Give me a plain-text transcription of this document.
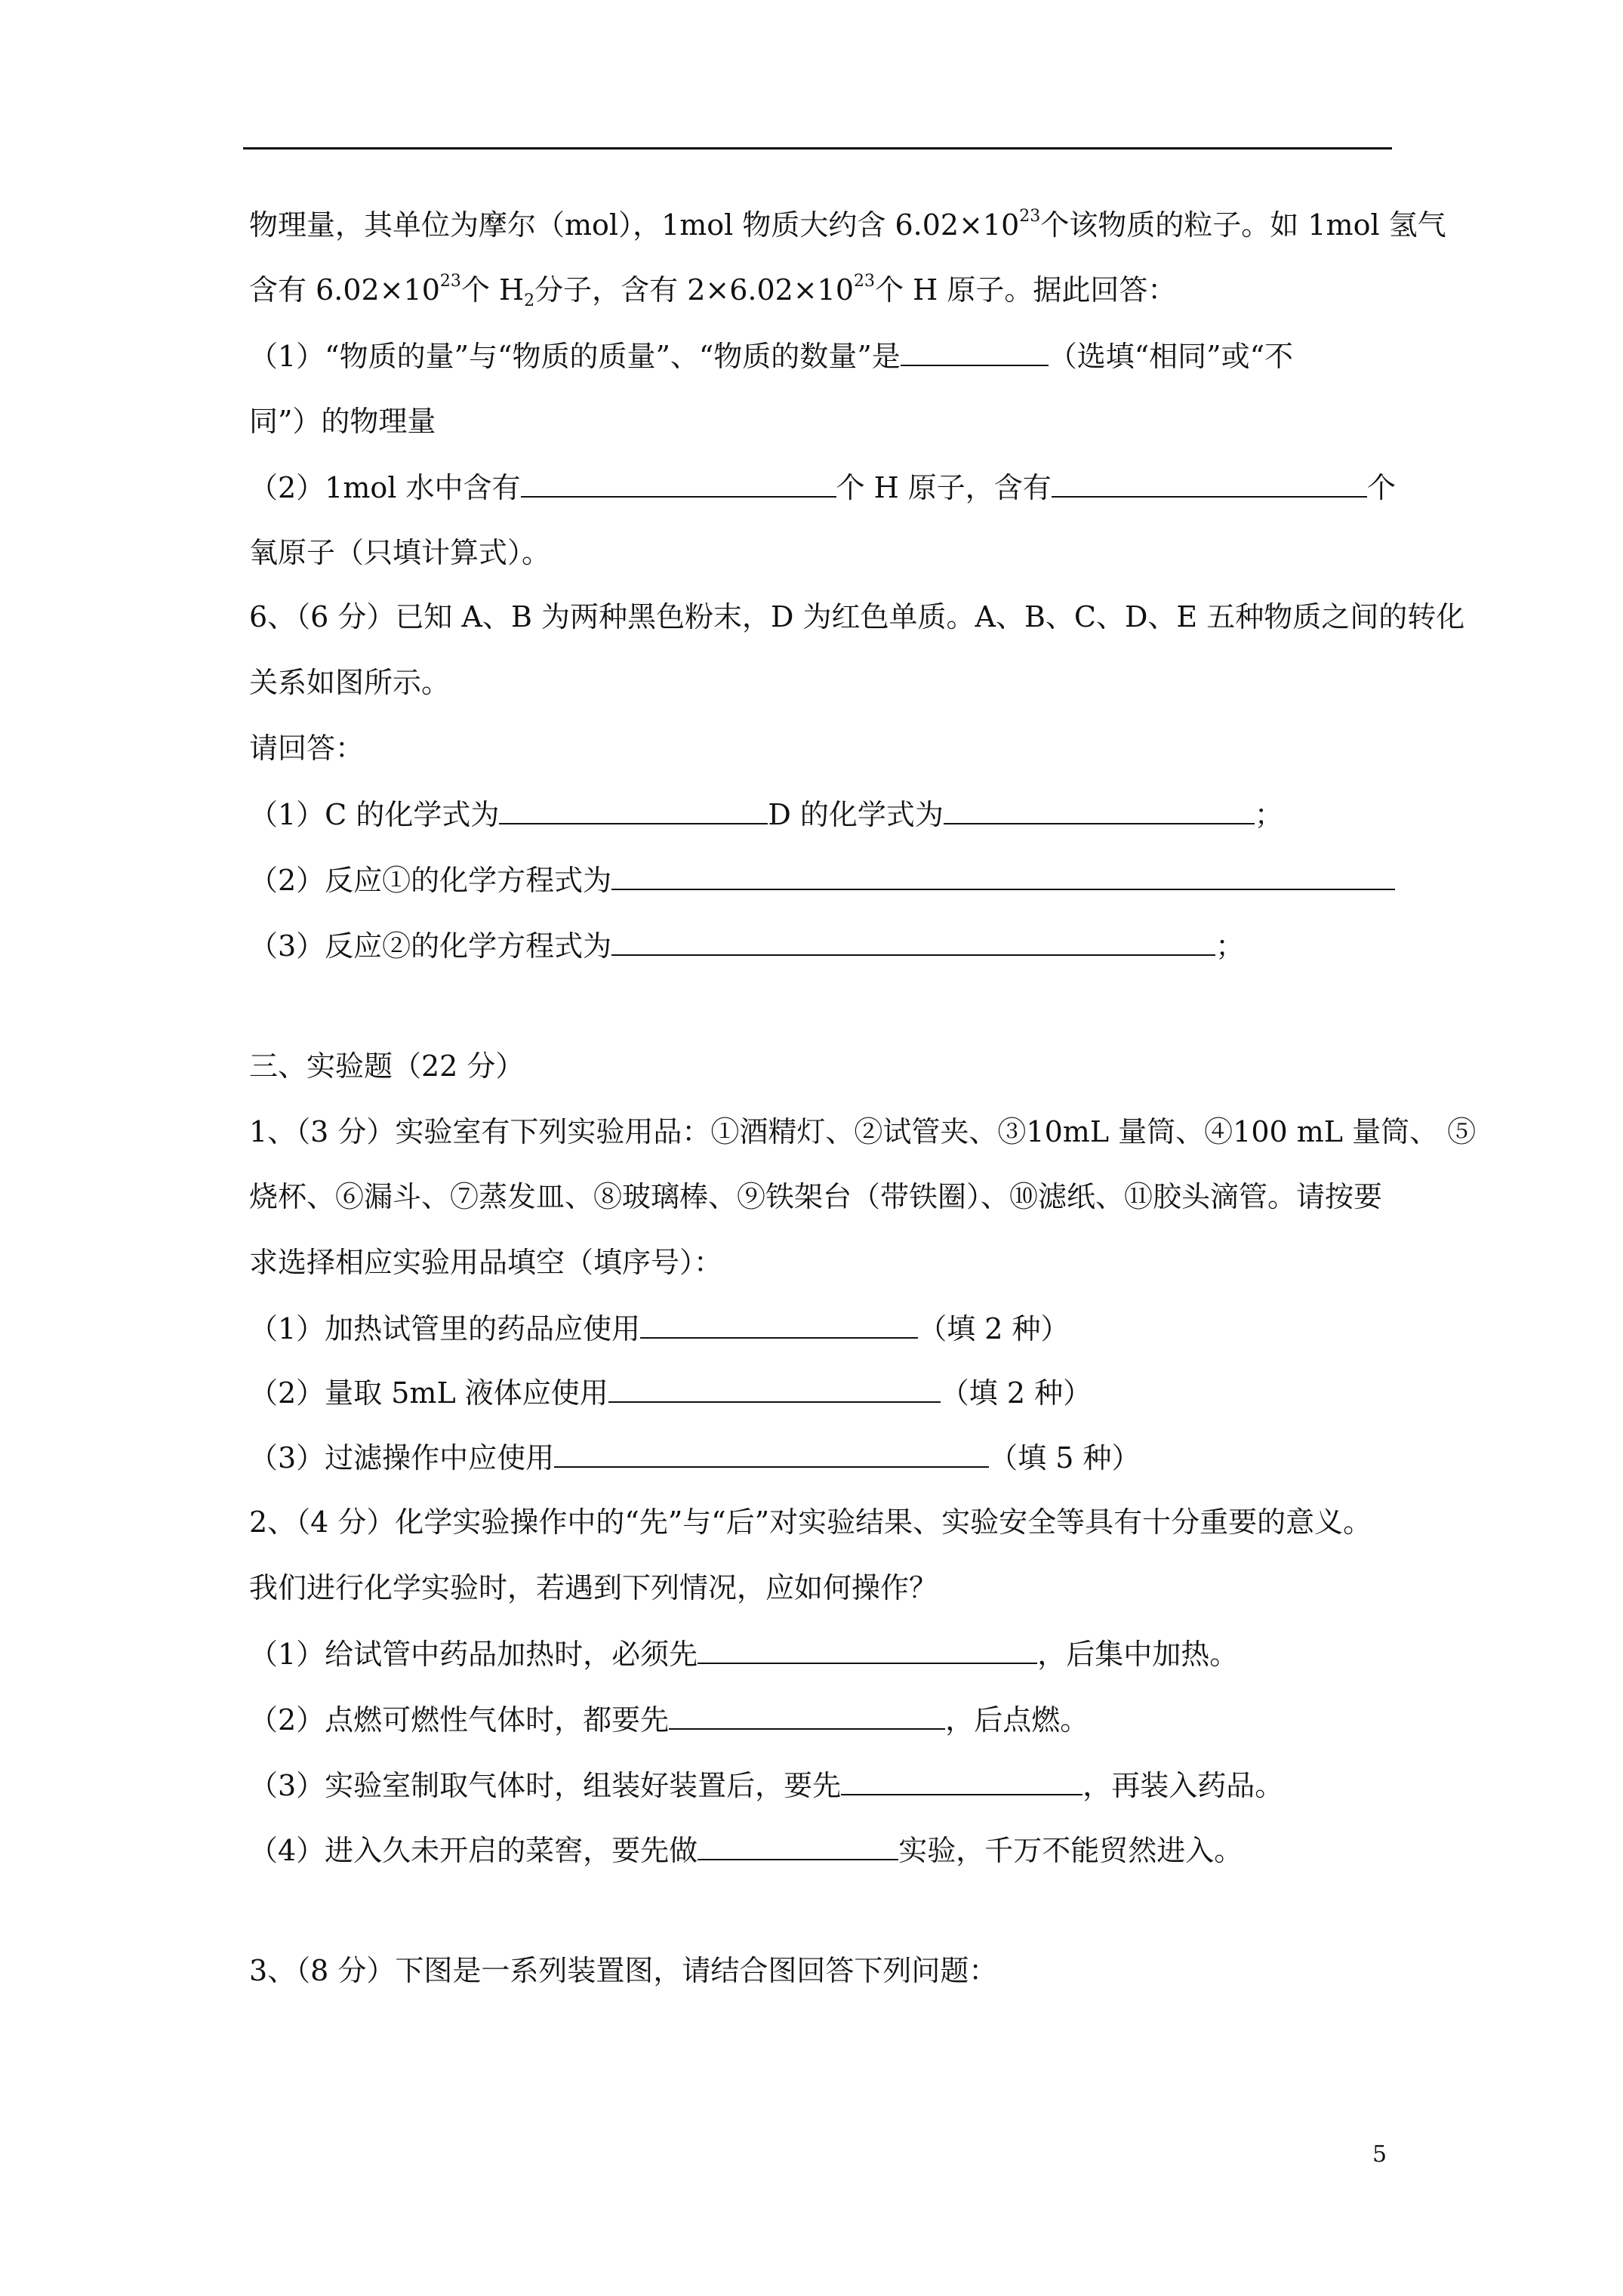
物理量，其单位为摩尔（mol），1mol 物质大约含 $6.02\times 10^{23}$个该物质的粒子。如 1mol 氢气
含有 $6.02\times 10^{23}$个 $H_2$分子，含有 $2\times 6.02\times 10^{23}$个 H 原子。据此回答：
（1）“物质的量”与“物质的质量”、“物质的数量”是	（选填“相同”或“不
同”）的物理量
（2）1mol 水中含有	个 H 原子，含有	个
氧原子（只填计算式）。
6、（6 分）已知 A、B 为两种黑色粉末，D 为红色单质。A、B、C、D、E 五种物质之间的转化
关系如图所示。
请回答：
（1）C 的化学式为	D 的化学式为	；
（2）反应①的化学方程式为
（3）反应②的化学方程式为	；
三、实验题（22 分）
1、（3 分）实验室有下列实验用品：①酒精灯、②试管夹、③10mL 量筒、④100 mL 量筒、 ⑤
烧杯、⑥漏斗、⑦蒸发皿、⑧玻璃棒、⑨铁架台（带铁圈）、⑩滤纸、⑪胶头滴管。请按要
求选择相应实验用品填空（填序号）：
（1）加热试管里的药品应使用	（填 2 种）
（2）量取 5mL 液体应使用	（填 2 种）
（3）过滤操作中应使用	（填 5 种）
2、（4 分）化学实验操作中的“先”与“后”对实验结果、实验安全等具有十分重要的意义。
我们进行化学实验时，若遇到下列情况，应如何操作？
（1）给试管中药品加热时，必须先	，后集中加热。
（2）点燃可燃性气体时，都要先	，后点燃。
（3）实验室制取气体时，组装好装置后，要先	，再装入药品。
（4）进入久未开启的菜窖，要先做	实验，千万不能贸然进入。
3、（8 分）下图是一系列装置图，请结合图回答下列问题：
5
